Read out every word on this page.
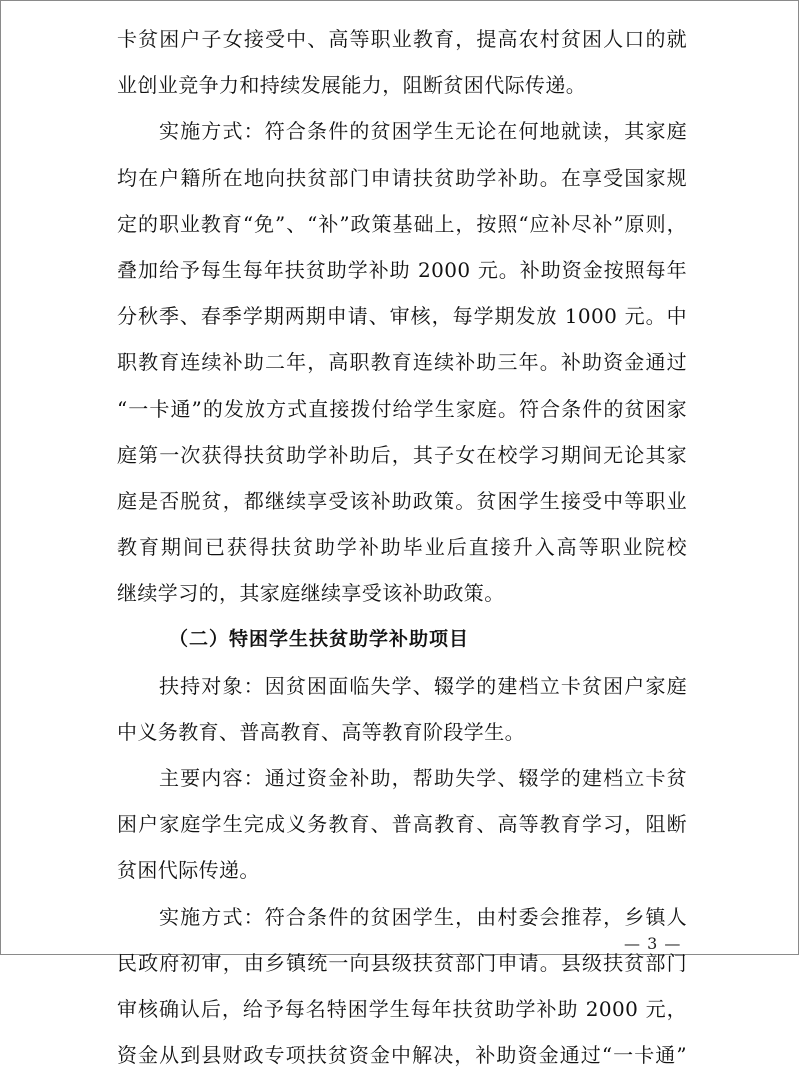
卡贫困户子女接受中、高等职业教育，提高农村贫困人口的就
业创业竞争力和持续发展能力，阻断贫困代际传递。
实施方式：符合条件的贫困学生无论在何地就读，其家庭
均在户籍所在地向扶贫部门申请扶贫助学补助。在享受国家规
定的职业教育“免”、“补”政策基础上，按照“应补尽补”原则，
叠加给予每生每年扶贫助学补助 2000 元。补助资金按照每年
分秋季、春季学期两期申请、审核，每学期发放 1000 元。中
职教育连续补助二年，高职教育连续补助三年。补助资金通过
“一卡通”的发放方式直接拨付给学生家庭。符合条件的贫困家
庭第一次获得扶贫助学补助后，其子女在校学习期间无论其家
庭是否脱贫，都继续享受该补助政策。贫困学生接受中等职业
教育期间已获得扶贫助学补助毕业后直接升入高等职业院校
继续学习的，其家庭继续享受该补助政策。
（二）特困学生扶贫助学补助项目
扶持对象：因贫困面临失学、辍学的建档立卡贫困户家庭
中义务教育、普高教育、高等教育阶段学生。
主要内容：通过资金补助，帮助失学、辍学的建档立卡贫
困户家庭学生完成义务教育、普高教育、高等教育学习，阻断
贫困代际传递。
实施方式：符合条件的贫困学生，由村委会推荐，乡镇人
民政府初审，由乡镇统一向县级扶贫部门申请。县级扶贫部门
审核确认后，给予每名特困学生每年扶贫助学补助 2000 元，
资金从到县财政专项扶贫资金中解决，补助资金通过“一卡通”
— 3 —
